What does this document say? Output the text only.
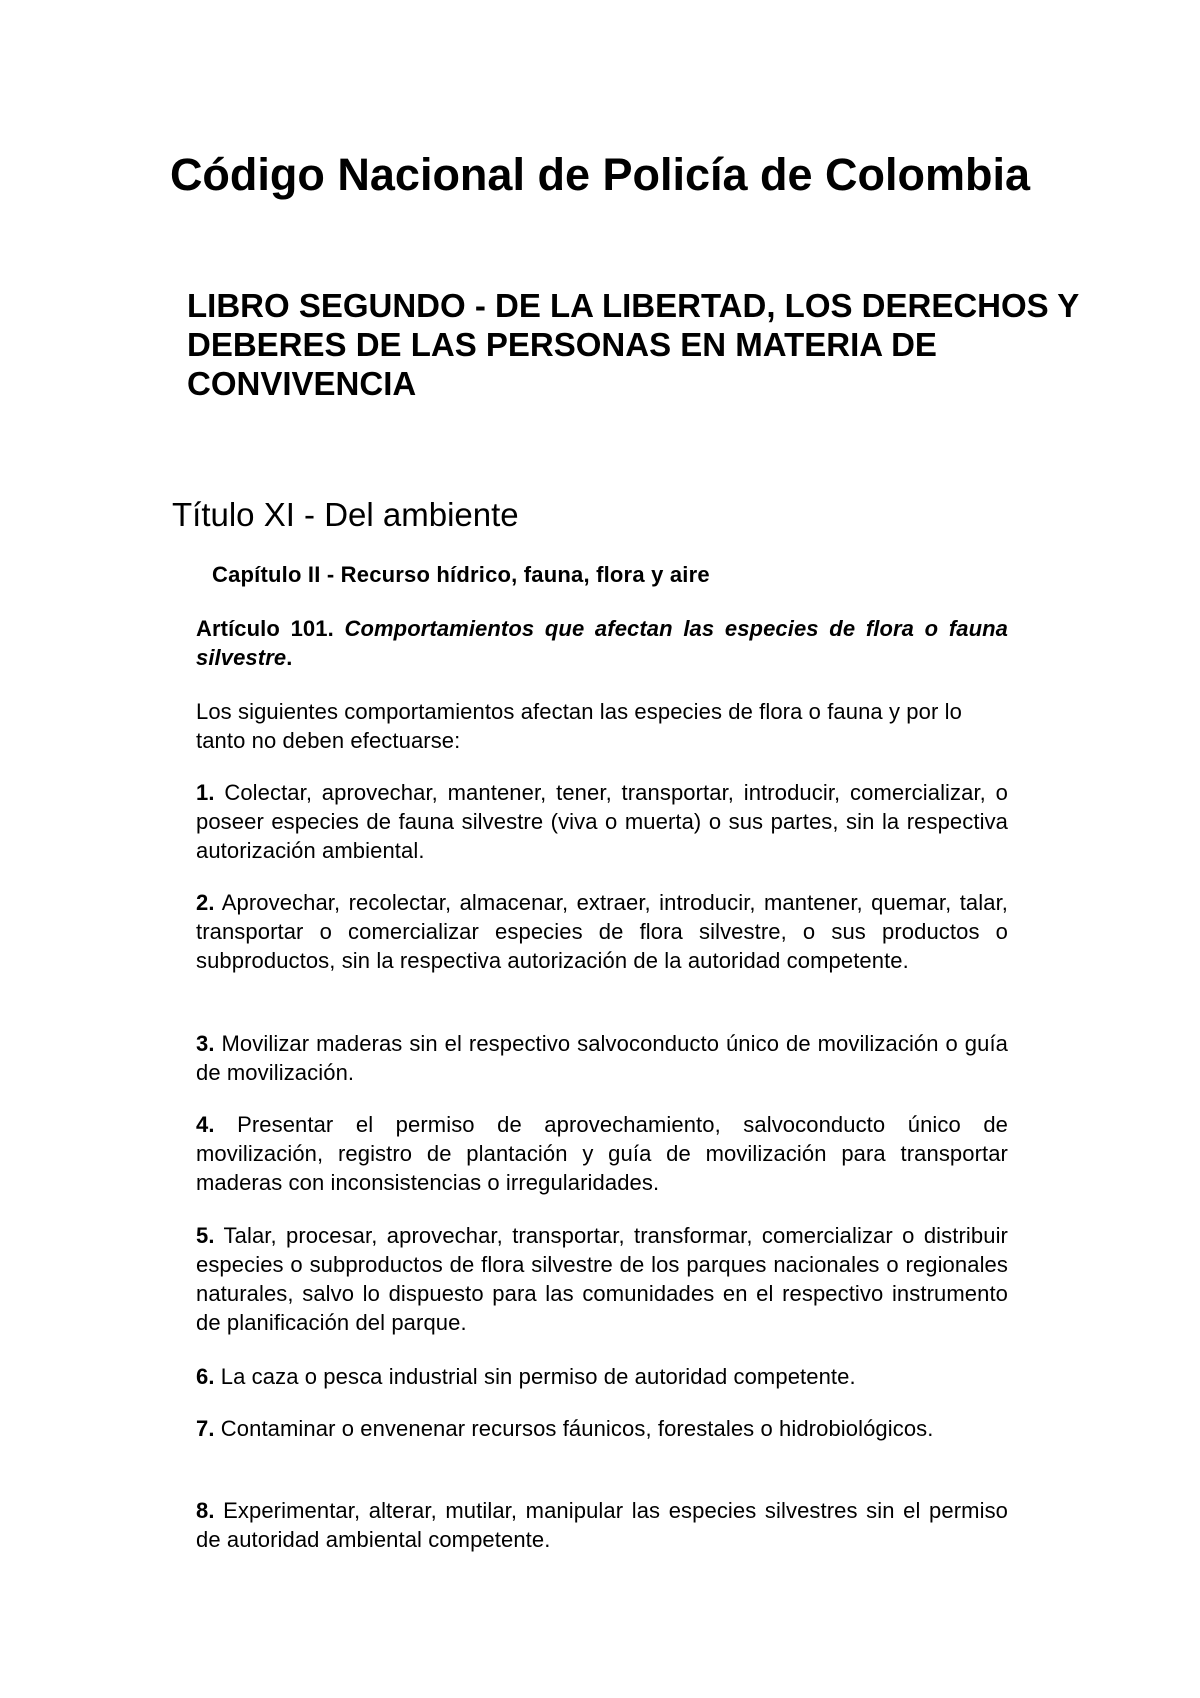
Código Nacional de Policía de Colombia
LIBRO SEGUNDO - DE LA LIBERTAD, LOS DERECHOS Y DEBERES DE LAS PERSONAS EN MATERIA DE CONVIVENCIA
Título XI - Del ambiente
Capítulo II - Recurso hídrico, fauna, flora y aire

Artículo 101. Comportamientos que afectan las especies de flora o fauna silvestre.

Los siguientes comportamientos afectan las especies de flora o fauna y por lo tanto no deben efectuarse:

1. Colectar, aprovechar, mantener, tener, transportar, introducir, comercializar, o poseer especies de fauna silvestre (viva o muerta) o sus partes, sin la respectiva autorización ambiental.

2. Aprovechar, recolectar, almacenar, extraer, introducir, mantener, quemar, talar, transportar o comercializar especies de flora silvestre, o sus productos o subproductos, sin la respectiva autorización de la autoridad competente.

3. Movilizar maderas sin el respectivo salvoconducto único de movilización o guía de movilización.

4. Presentar el permiso de aprovechamiento, salvoconducto único de movilización, registro de plantación y guía de movilización para transportar maderas con inconsistencias o irregularidades.

5. Talar, procesar, aprovechar, transportar, transformar, comercializar o distribuir especies o subproductos de flora silvestre de los parques nacionales o regionales naturales, salvo lo dispuesto para las comunidades en el respectivo instrumento de planificación del parque.

6. La caza o pesca industrial sin permiso de autoridad competente.

7. Contaminar o envenenar recursos fáunicos, forestales o hidrobiológicos.

8. Experimentar, alterar, mutilar, manipular las especies silvestres sin el permiso de autoridad ambiental competente.
